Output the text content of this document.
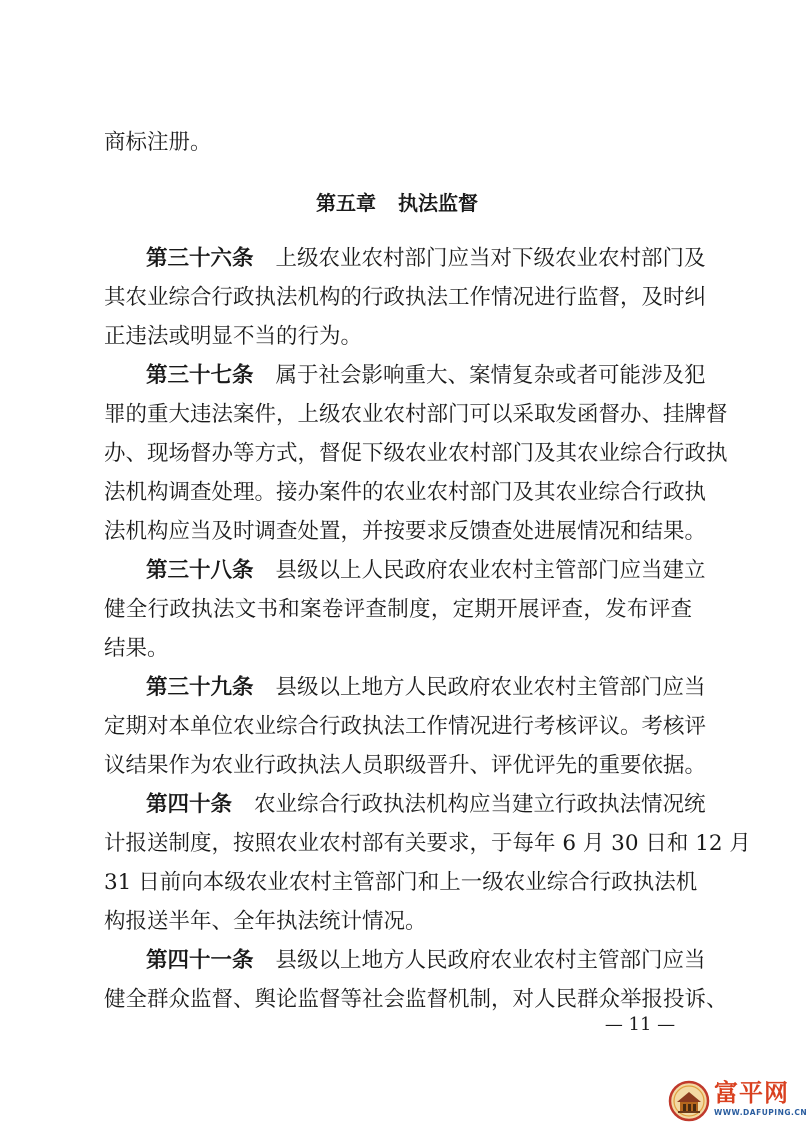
商标注册。
第五章 执法监督
第三十六条 上级农业农村部门应当对下级农业农村部门及
其农业综合行政执法机构的行政执法工作情况进行监督，及时纠
正违法或明显不当的行为。
第三十七条 属于社会影响重大、案情复杂或者可能涉及犯
罪的重大违法案件，上级农业农村部门可以采取发函督办、挂牌督
办、现场督办等方式，督促下级农业农村部门及其农业综合行政执
法机构调查处理。接办案件的农业农村部门及其农业综合行政执
法机构应当及时调查处置，并按要求反馈查处进展情况和结果。
第三十八条 县级以上人民政府农业农村主管部门应当建立
健全行政执法文书和案卷评查制度，定期开展评查，发布评查
结果。
第三十九条 县级以上地方人民政府农业农村主管部门应当
定期对本单位农业综合行政执法工作情况进行考核评议。考核评
议结果作为农业行政执法人员职级晋升、评优评先的重要依据。
第四十条 农业综合行政执法机构应当建立行政执法情况统
计报送制度，按照农业农村部有关要求，于每年 6 月 30 日和 12 月
31 日前向本级农业农村主管部门和上一级农业综合行政执法机
构报送半年、全年执法统计情况。
第四十一条 县级以上地方人民政府农业农村主管部门应当
健全群众监督、舆论监督等社会监督机制，对人民群众举报投诉、
— 11 —
富平网
WWW.DAFUPING.CN
